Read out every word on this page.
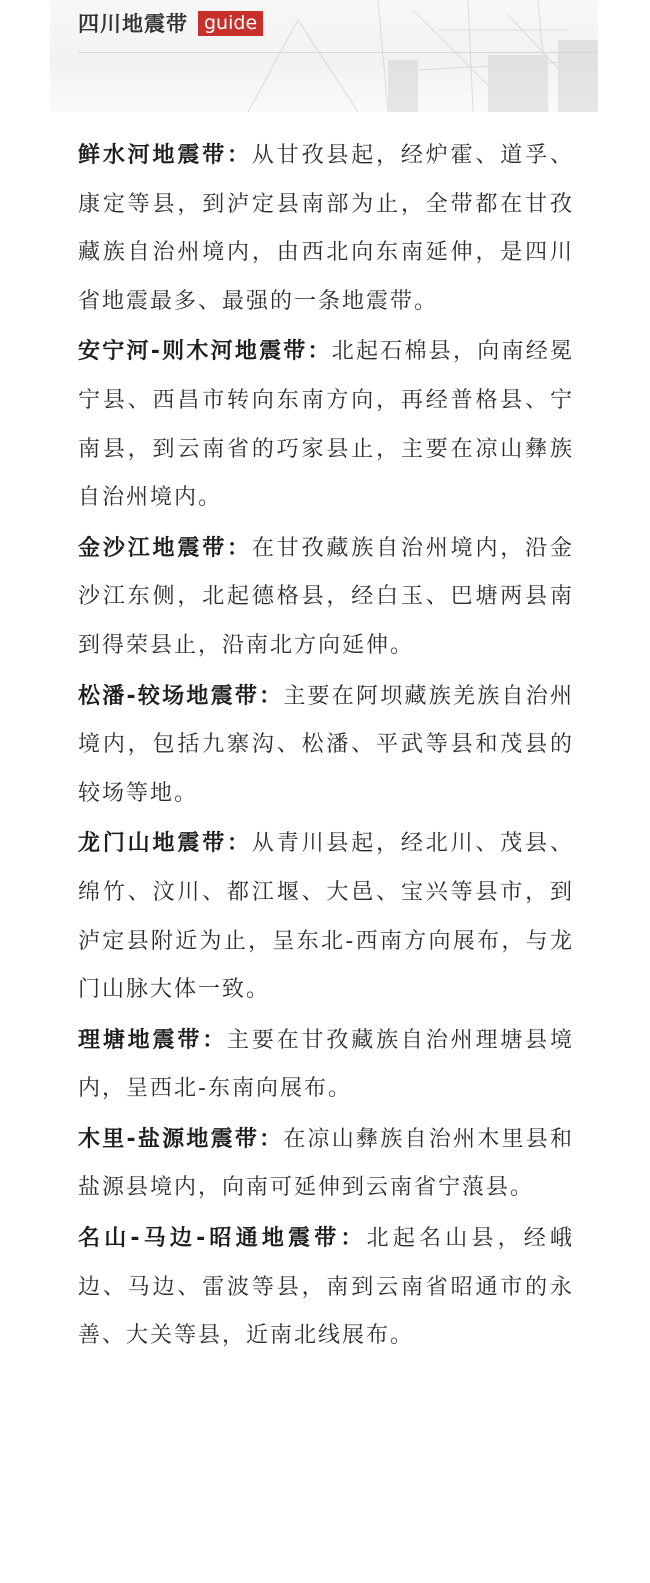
四川地震带 guide

鲜水河地震带：从甘孜县起，经炉霍、道孚、康定等县，到泸定县南部为止，全带都在甘孜藏族自治州境内，由西北向东南延伸，是四川省地震最多、最强的一条地震带。

安宁河-则木河地震带：北起石棉县，向南经冕宁县、西昌市转向东南方向，再经普格县、宁南县，到云南省的巧家县止，主要在凉山彝族自治州境内。

金沙江地震带：在甘孜藏族自治州境内，沿金沙江东侧，北起德格县，经白玉、巴塘两县南到得荣县止，沿南北方向延伸。

松潘-较场地震带：主要在阿坝藏族羌族自治州境内，包括九寨沟、松潘、平武等县和茂县的较场等地。

龙门山地震带：从青川县起，经北川、茂县、绵竹、汶川、都江堰、大邑、宝兴等县市，到泸定县附近为止，呈东北-西南方向展布，与龙门山脉大体一致。

理塘地震带：主要在甘孜藏族自治州理塘县境内，呈西北-东南向展布。

木里-盐源地震带：在凉山彝族自治州木里县和盐源县境内，向南可延伸到云南省宁蒗县。

名山-马边-昭通地震带：北起名山县，经峨边、马边、雷波等县，南到云南省昭通市的永善、大关等县，近南北线展布。
